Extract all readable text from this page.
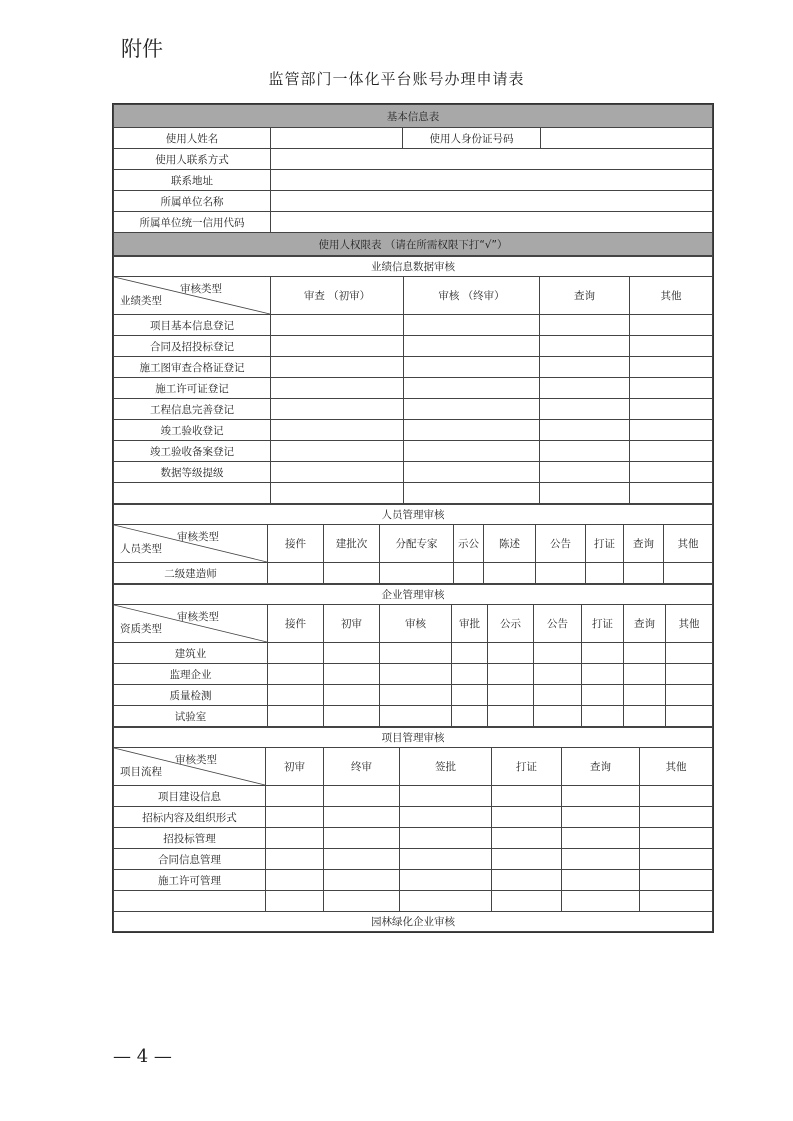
附件
监管部门一体化平台账号办理申请表
基本信息表			
使用人姓名		使用人身份证号码	
使用人联系方式			
联系地址			
所属单位名称			
所属单位统一信用代码			
使用人权限表 （请在所需权限下打“√”）			
业绩信息数据审核				

审核类型
业绩类型	审查 （初审）	审核 （终审）	查询	其他
项目基本信息登记				
合同及招投标登记				
施工图审查合格证登记				
施工许可证登记				
工程信息完善登记				
竣工验收登记				
竣工验收备案登记				
数据等级提级				

人员管理审核									

审核类型
人员类型	接件	建批次	分配专家	示公	陈述	公告	打证	查询	其他
二级建造师									
企业管理审核									

审核类型
资质类型	接件	初审	审核	审批	公示	公告	打证	查询	其他
建筑业									
监理企业									
质量检测									
试验室									
项目管理审核						

审核类型
项目流程	初审	终审	签批	打证	查询	其他
项目建设信息						
招标内容及组织形式						
招投标管理						
合同信息管理						
施工许可管理						

园林绿化企业审核						
— 4 —
